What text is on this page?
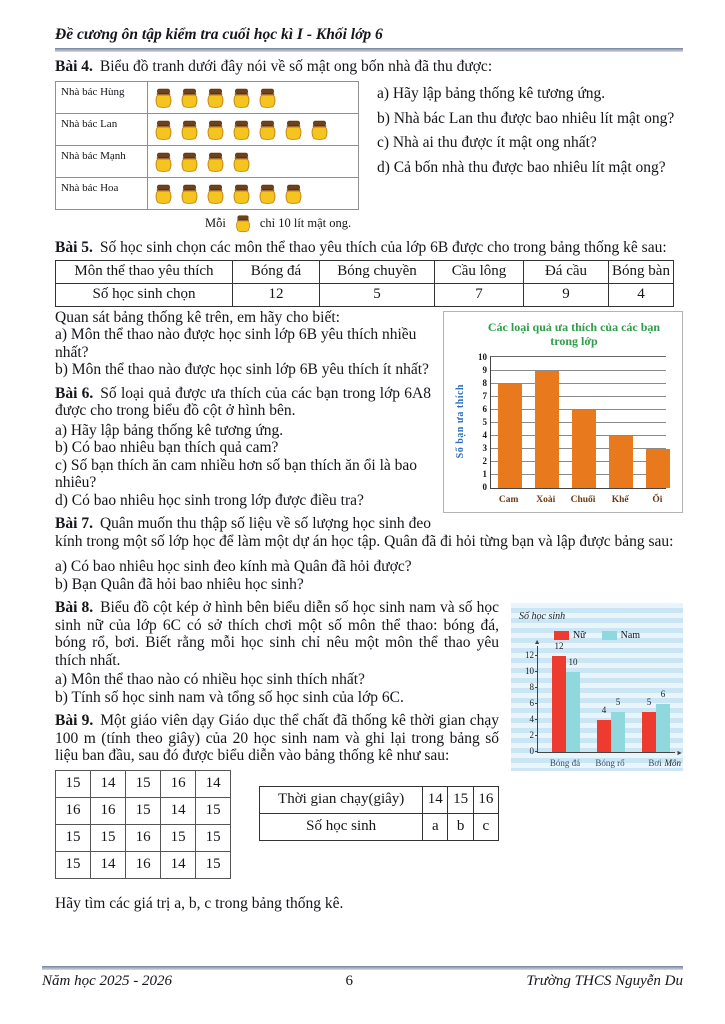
Đề cương ôn tập kiểm tra cuối học kì I - Khối lớp 6

Bài 4. Biểu đồ tranh dưới đây nói về số mật ong bốn nhà đã thu được:

Nhà bác Hùng
Nhà bác Lan
Nhà bác Mạnh
Nhà bác Hoa
Mỗi	chỉ 10 lít mật ong.
a) Hãy lập bảng thống kê tương ứng.
b) Nhà bác Lan thu được bao nhiêu lít mật ong?
c) Nhà ai thu được ít mật ong nhất?
d) Cả bốn nhà thu được bao nhiêu lít mật ong?

Bài 5. Số học sinh chọn các môn thể thao yêu thích của lớp 6B được cho trong bảng thống kê sau:

Môn thể thao yêu thích	Bóng đá	Bóng chuyền	Cầu lông	Đá cầu	Bóng bàn
Số học sinh chọn	12	5	7	9	4
Các loại quả ưa thích của các bạn trong lớp
Số bạn ưa thích
0
1
2
3
4
5
6
7
8
9
10
Cam	Xoài	Chuối	Khế	Ổi
Quan sát bảng thống kê trên, em hãy cho biết:
a) Môn thể thao nào được học sinh lớp 6B yêu thích nhiều nhất?
b) Môn thể thao nào được học sinh lớp 6B yêu thích ít nhất?

Bài 6. Số loại quả được ưa thích của các bạn trong lớp 6A8 được cho trong biểu đồ cột ở hình bên.

a) Hãy lập bảng thống kê tương ứng.
b) Có bao nhiêu bạn thích quả cam?
c) Số bạn thích ăn cam nhiều hơn số bạn thích ăn ổi là bao nhiêu?
d) Có bao nhiêu học sinh trong lớp được điều tra?

Bài 7. Quân muốn thu thập số liệu về số lượng học sinh đeo kính trong một số lớp học để làm một dự án học tập. Quân đã đi hỏi từng bạn và lập được bảng sau:

a) Có bao nhiêu học sinh đeo kính mà Quân đã hỏi được?
b) Bạn Quân đã hỏi bao nhiêu học sinh?
Số học sinh
Nữ	Nam
▲
►
0
2
4
6
8
10
12
12
10
4
5	5
6
Bóng đá	Bóng rổ	Bơi Môn

Bài 8. Biểu đồ cột kép ở hình bên biểu diễn số học sinh nam và số học sinh nữ của lớp 6C có sở thích chơi một số môn thể thao: bóng đá, bóng rổ, bơi. Biết rằng mỗi học sinh chỉ nêu một môn thể thao yêu thích nhất.

a) Môn thể thao nào có nhiều học sinh thích nhất?
b) Tính số học sinh nam và tổng số học sinh của lớp 6C.

Bài 9. Một giáo viên dạy Giáo dục thể chất đã thống kê thời gian chạy 100 m (tính theo giây) của 20 học sinh nam và ghi lại trong bảng số liệu ban đầu, sau đó được biểu diễn vào bảng thống kê như sau:

15	14	15	16	14
16	16	15	14	15
15	15	16	15	15
15	14	16	14	15
Thời gian chạy(giây)	14	15	16
Số học sinh	a	b	c
Hãy tìm các giá trị a, b, c trong bảng thống kê.
Năm học 2025 - 2026	6	Trường THCS Nguyễn Du
